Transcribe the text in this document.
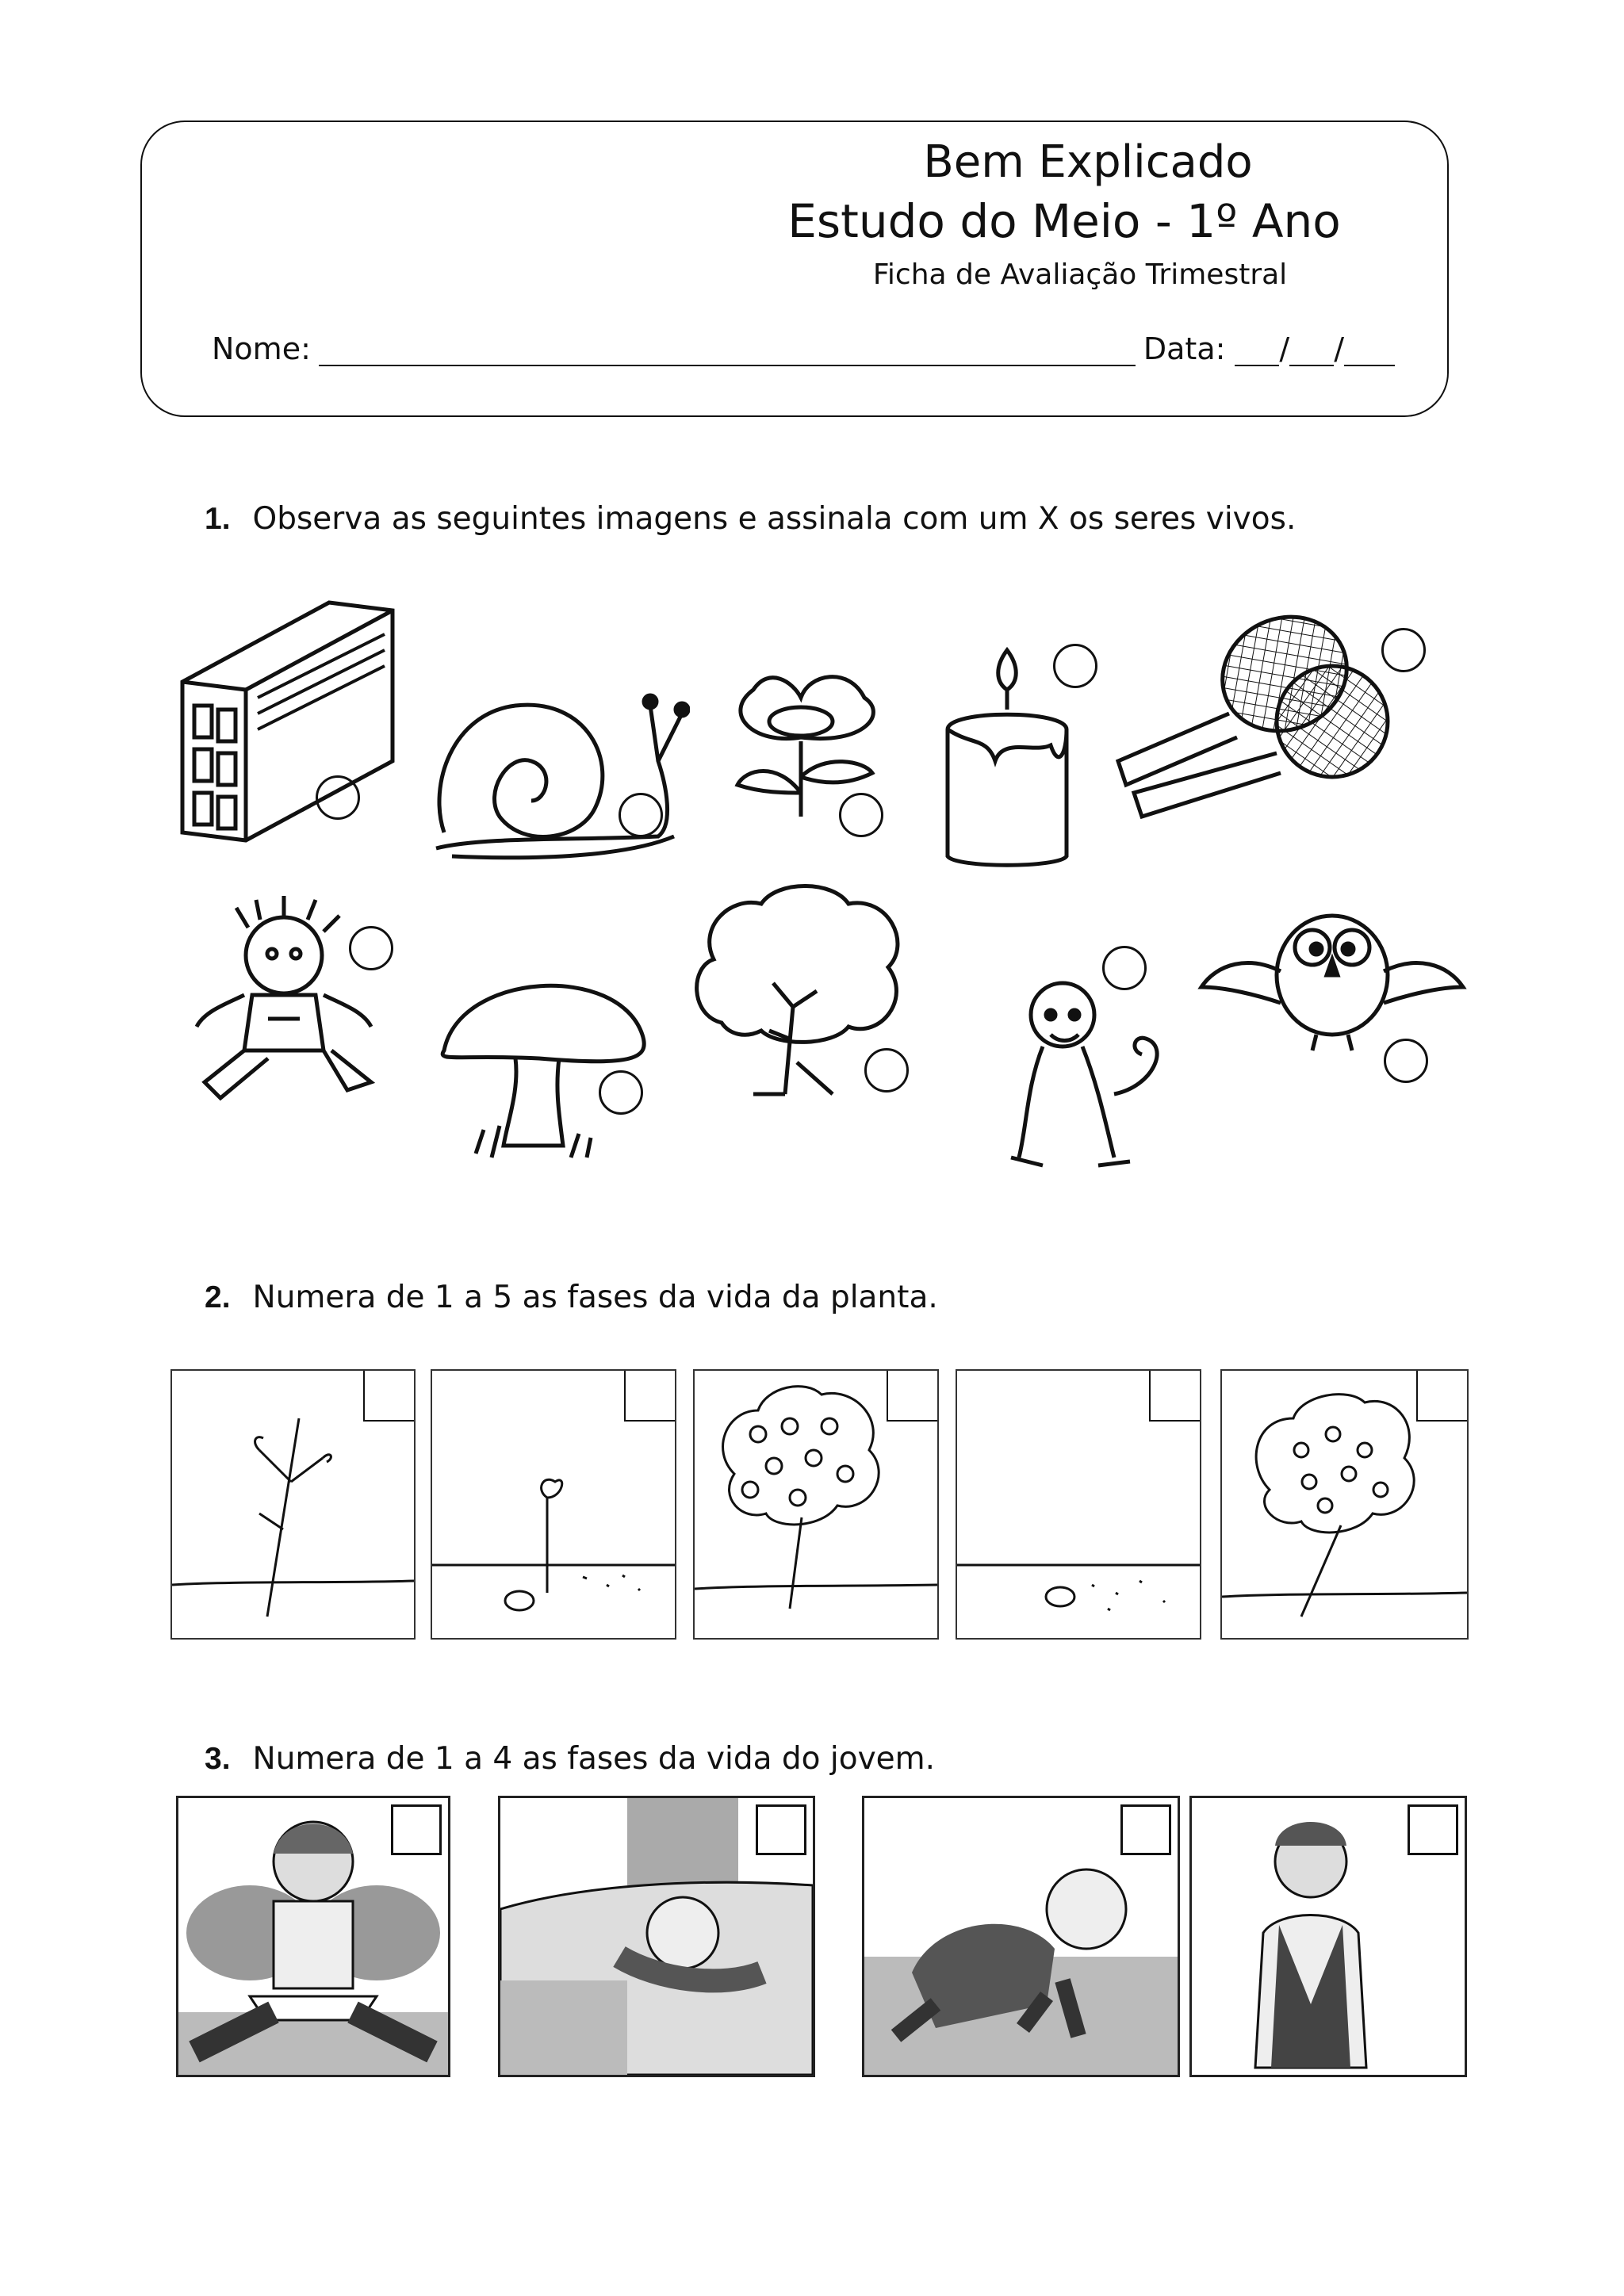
Bem Explicado
Estudo do Meio - 1º Ano
Ficha de Avaliação Trimestral
Nome:	Data: / /
1. Observa as seguintes imagens e assinala com um X os seres vivos.
2. Numera de 1 a 5 as fases da vida da planta.
3. Numera de 1 a 4 as fases da vida do jovem.
